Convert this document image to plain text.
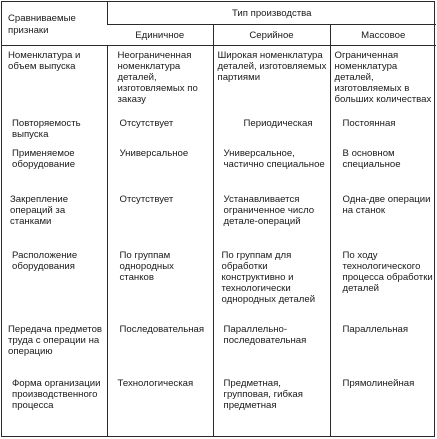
Сравниваемые признаки	Тип производства		
	Единичное	Серийное	Массовое
Номенклатура и объем выпуска	Неограниченная номенклатура деталей, изготовляемых по заказу	Широкая номенклатура деталей, изготовляемых партиями	Ограниченная номенклатура деталей, изготовляемых в больших количествах
Повторяемость выпуска	Отсутствует	Периодическая	Постоянная
Применяемое оборудование	Универсальное	Универсальное, частично специальное	В основном специальное
Закрепление операций за станками	Отсутствует	Устанавливается ограниченное число детале-операций	Одна-две операции на станок
Расположение оборудования	По группам однородных станков	По группам для обработки конструктивно и технологически однородных деталей	По ходу технологического процесса обработки деталей
Передача предметов труда с операции на операцию	Последовательная	Параллельно-последовательная	Параллельная
Форма организации производственного процесса	Технологическая	Предметная, групповая, гибкая предметная	Прямолинейная
